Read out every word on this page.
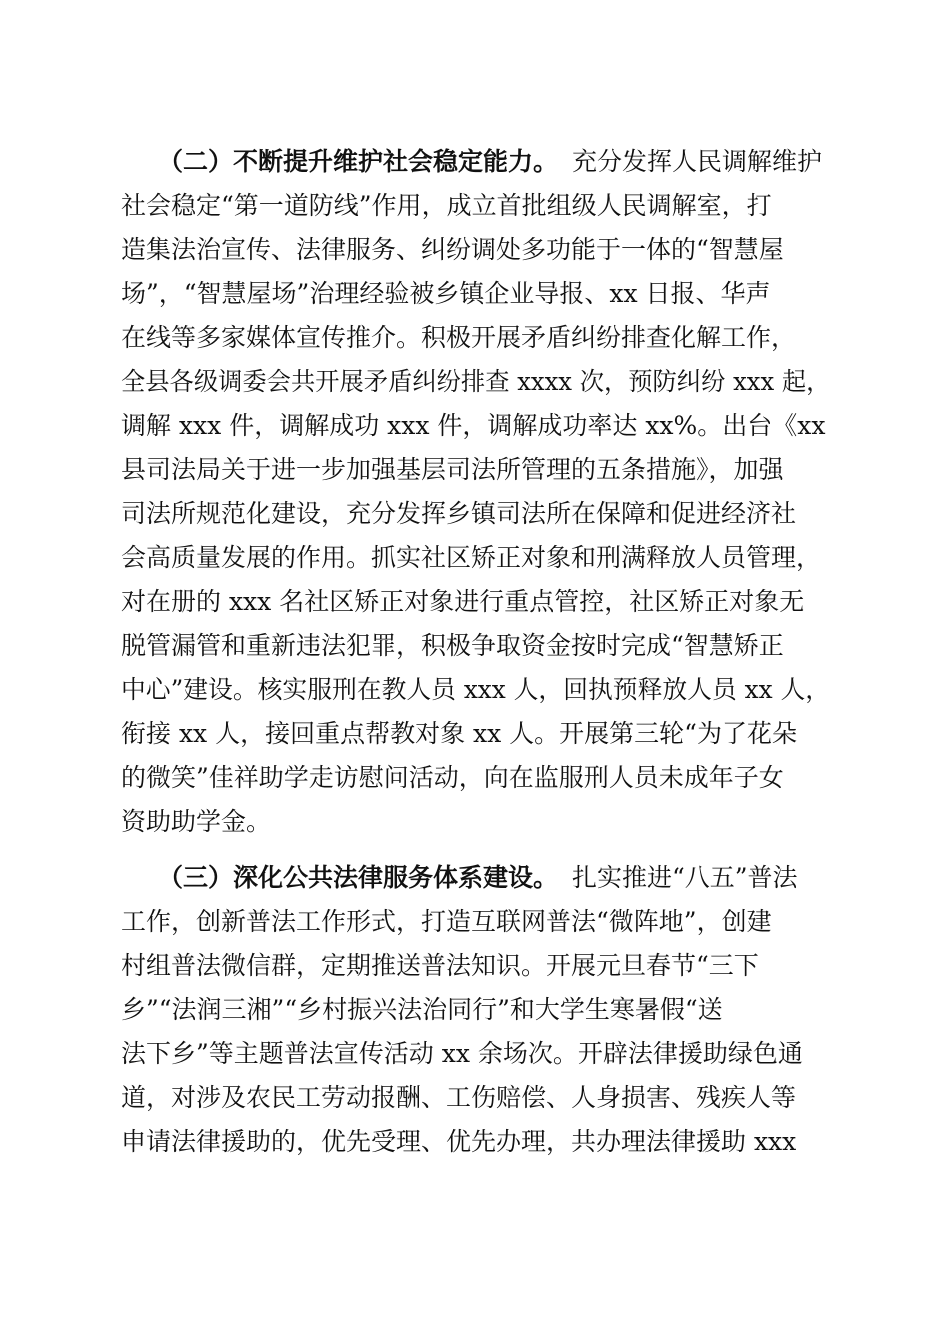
（二）不断提升维护社会稳定能力。

充分发挥人民调解维护

社会稳定“第一道防线”作用，成立首批组级人民调解室，打

造集法治宣传、法律服务、纠纷调处多功能于一体的“智慧屋

场”，“智慧屋场”治理经验被乡镇企业导报、xx 日报、华声

在线等多家媒体宣传推介。积极开展矛盾纠纷排查化解工作，

全县各级调委会共开展矛盾纠纷排查 xxxx 次，预防纠纷 xxx 起，

调解 xxx 件，调解成功 xxx 件，调解成功率达 xx%。出台《xx

县司法局关于进一步加强基层司法所管理的五条措施》，加强

司法所规范化建设，充分发挥乡镇司法所在保障和促进经济社

会高质量发展的作用。抓实社区矫正对象和刑满释放人员管理，

对在册的 xxx 名社区矫正对象进行重点管控，社区矫正对象无

脱管漏管和重新违法犯罪，积极争取资金按时完成“智慧矫正

中心”建设。核实服刑在教人员 xxx 人，回执预释放人员 xx 人，

衔接 xx 人，接回重点帮教对象 xx 人。开展第三轮“为了花朵

的微笑”佳祥助学走访慰问活动，向在监服刑人员未成年子女

资助助学金。

（三）深化公共法律服务体系建设。

扎实推进“八五”普法

工作，创新普法工作形式，打造互联网普法“微阵地”，创建

村组普法微信群，定期推送普法知识。开展元旦春节“三下

乡”“法润三湘”“乡村振兴法治同行”和大学生寒暑假“送

法下乡”等主题普法宣传活动 xx 余场次。开辟法律援助绿色通

道，对涉及农民工劳动报酬、工伤赔偿、人身损害、残疾人等

申请法律援助的，优先受理、优先办理，共办理法律援助 xxx
